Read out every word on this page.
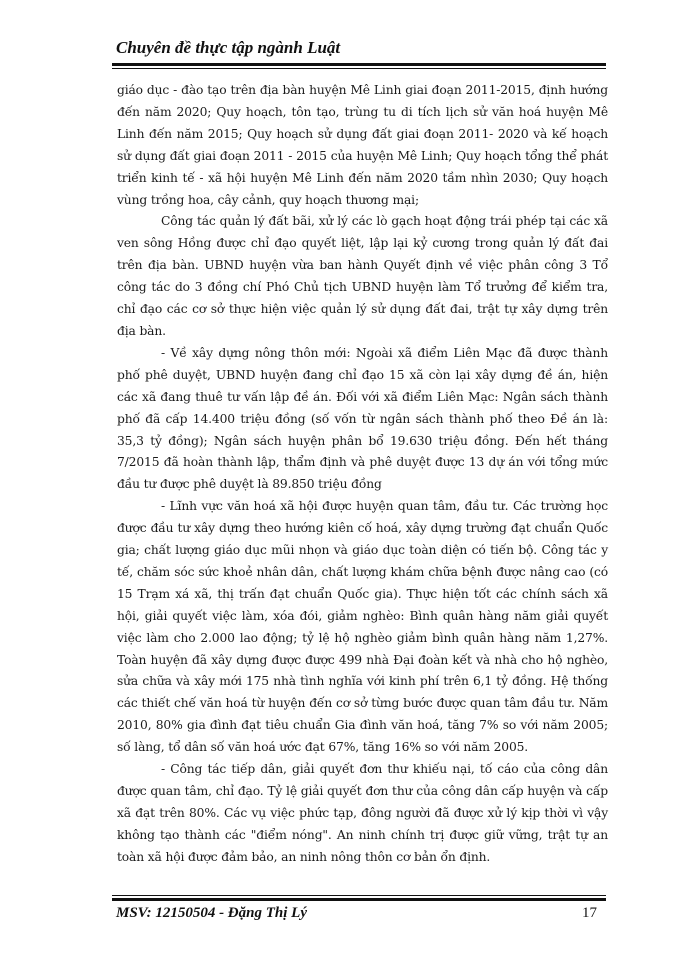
Chuyên đề thực tập ngành Luật

giáo dục - đào tạo trên địa bàn huyện Mê Linh giai đoạn 2011-2015, định hướng đến năm 2020; Quy hoạch, tôn tạo, trùng tu di tích lịch sử văn hoá huyện Mê Linh đến năm 2015; Quy hoạch sử dụng đất giai đoạn 2011- 2020 và kế hoạch sử dụng đất giai đoạn 2011 - 2015 của huyện Mê Linh; Quy hoạch tổng thể phát triển kinh tế - xã hội huyện Mê Linh đến năm 2020 tầm nhìn 2030; Quy hoạch vùng trồng hoa, cây cảnh, quy hoạch thương mại;

Công tác quản lý đất bãi, xử lý các lò gạch hoạt động trái phép tại các xã ven sông Hồng được chỉ đạo quyết liệt, lập lại kỷ cương trong quản lý đất đai trên địa bàn. UBND huyện vừa ban hành Quyết định về việc phân công 3 Tổ công tác do 3 đồng chí Phó Chủ tịch UBND huyện làm Tổ trưởng để kiểm tra, chỉ đạo các cơ sở thực hiện việc quản lý sử dụng đất đai, trật tự xây dựng trên địa bàn.

- Về xây dựng nông thôn mới: Ngoài xã điểm Liên Mạc đã được thành phố phê duyệt, UBND huyện đang chỉ đạo 15 xã còn lại xây dựng đề án, hiện các xã đang thuê tư vấn lập đề án. Đối với xã điểm Liên Mạc: Ngân sách thành phố đã cấp 14.400 triệu đồng (số vốn từ ngân sách thành phố theo Đề án là: 35,3 tỷ đồng); Ngân sách huyện phân bổ 19.630 triệu đồng. Đến hết tháng 7/2015 đã hoàn thành lập, thẩm định và phê duyệt được 13 dự án với tổng mức đầu tư được phê duyệt là 89.850 triệu đồng

- Lĩnh vực văn hoá xã hội được huyện quan tâm, đầu tư. Các trường học được đầu tư xây dựng theo hướng kiên cố hoá, xây dựng trường đạt chuẩn Quốc gia; chất lượng giáo dục mũi nhọn và giáo dục toàn diện có tiến bộ. Công tác y tế, chăm sóc sức khoẻ nhân dân, chất lượng khám chữa bệnh được nâng cao (có 15 Trạm xá xã, thị trấn đạt chuẩn Quốc gia). Thực hiện tốt các chính sách xã hội, giải quyết việc làm, xóa đói, giảm nghèo: Bình quân hàng năm giải quyết việc làm cho 2.000 lao động; tỷ lệ hộ nghèo giảm bình quân hàng năm 1,27%. Toàn huyện đã xây dựng được được 499 nhà Đại đoàn kết và nhà cho hộ nghèo, sửa chữa và xây mới 175 nhà tình nghĩa với kinh phí trên 6,1 tỷ đồng. Hệ thống các thiết chế văn hoá từ huyện đến cơ sở từng bước được quan tâm đầu tư. Năm 2010, 80% gia đình đạt tiêu chuẩn Gia đình văn hoá, tăng 7% so với năm 2005; số làng, tổ dân số văn hoá ước đạt 67%, tăng 16% so với năm 2005.

- Công tác tiếp dân, giải quyết đơn thư khiếu nại, tố cáo của công dân được quan tâm, chỉ đạo. Tỷ lệ giải quyết đơn thư của công dân cấp huyện và cấp xã đạt trên 80%. Các vụ việc phức tạp, đông người đã được xử lý kịp thời vì vậy không tạo thành các "điểm nóng". An ninh chính trị được giữ vững, trật tự an toàn xã hội được đảm bảo, an ninh nông thôn cơ bản ổn định.

MSV: 12150504 - Đặng Thị Lý	17
